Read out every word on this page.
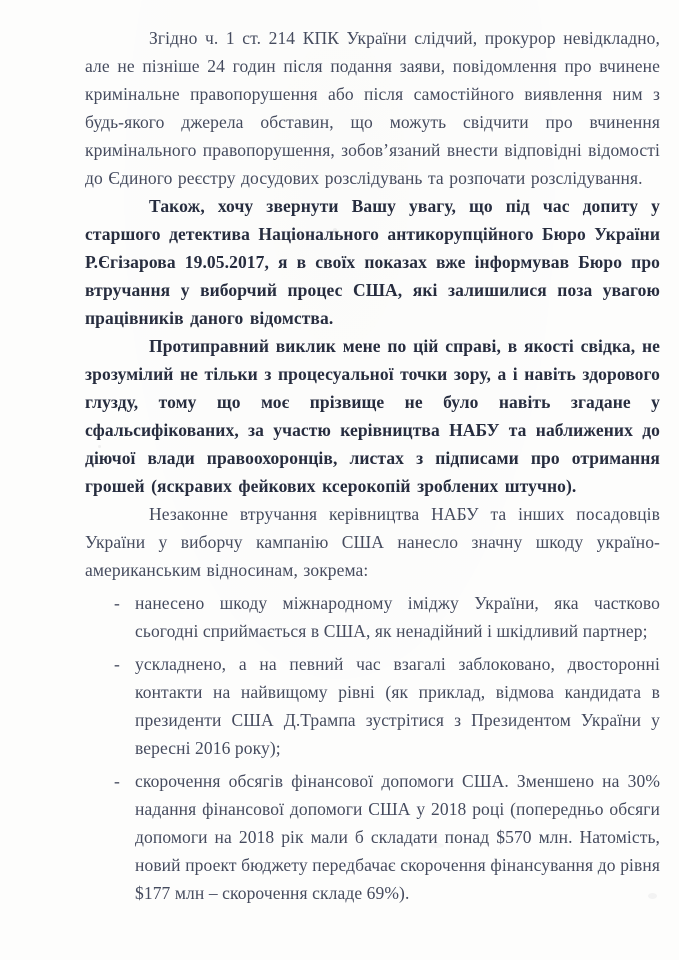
Згідно ч. 1 ст. 214 КПК України слідчий, прокурор невідкладно, але не пізніше 24 годин після подання заяви, повідомлення про вчинене кримінальне правопорушення або після самостійного виявлення ним з будь-якого джерела обставин, що можуть свідчити про вчинення кримінального правопорушення, зобов’язаний внести відповідні відомості до Єдиного реєстру досудових розслідувань та розпочати розслідування.

Також, хочу звернути Вашу увагу, що під час допиту у старшого детектива Національного антикорупційного Бюро України Р.Єгізарова 19.05.2017, я в своїх показах вже інформував Бюро про втручання у виборчий процес США, які залишилися поза увагою працівників даного відомства.

Протиправний виклик мене по цій справі, в якості свідка, не зрозумілий не тільки з процесуальної точки зору, а і навіть здорового глузду, тому що моє прізвище не було навіть згадане у сфальсифікованих, за участю керівництва НАБУ та наближених до діючої влади правоохоронців, листах з підписами про отримання грошей (яскравих фейкових ксерокопій зроблених штучно).

Незаконне втручання керівництва НАБУ та інших посадовців України у виборчу кампанію США нанесло значну шкоду україно-американським відносинам, зокрема:

- нанесено шкоду міжнародному іміджу України, яка частково сьогодні сприймається в США, як ненадійний і шкідливий партнер;
- ускладнено, а на певний час взагалі заблоковано, двосторонні контакти на найвищому рівні (як приклад, відмова кандидата в президенти США Д.Трампа зустрітися з Президентом України у вересні 2016 року);
- скорочення обсягів фінансової допомоги США. Зменшено на 30% надання фінансової допомоги США у 2018 році (попередньо обсяги допомоги на 2018 рік мали б складати понад $570 млн. Натомість, новий проект бюджету передбачає скорочення фінансування до рівня $177 млн – скорочення складе 69%).
